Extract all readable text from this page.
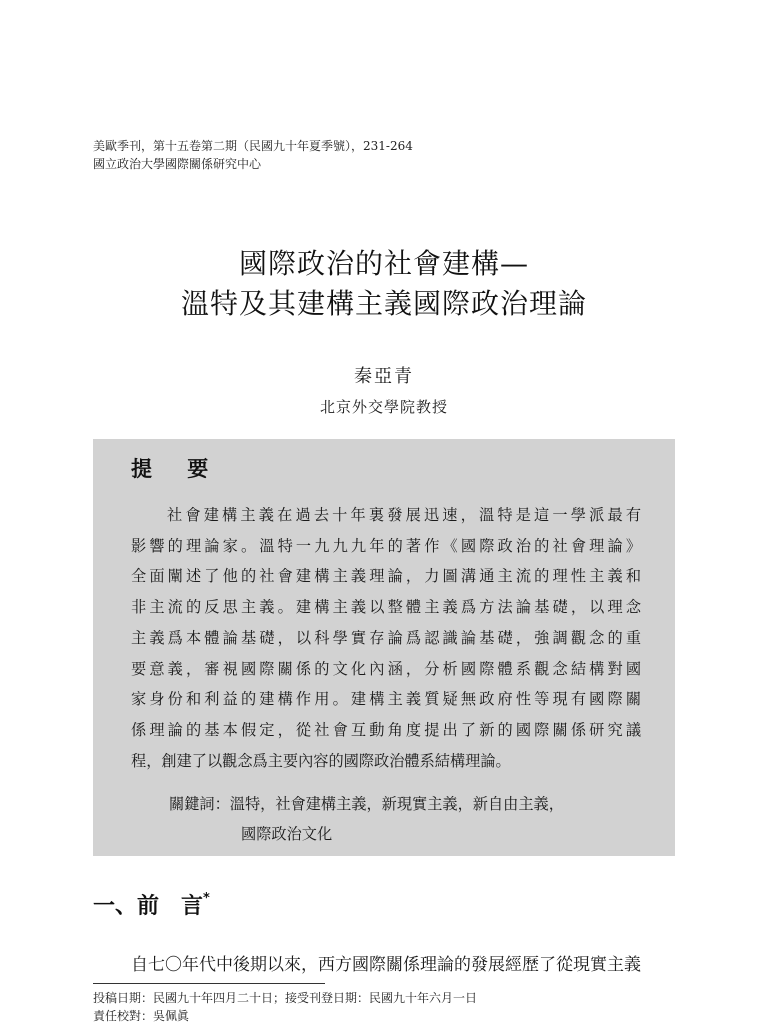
美歐季刊，第十五卷第二期（民國九十年夏季號），231-264
國立政治大學國際關係研究中心
國際政治的社會建構—
溫特及其建構主義國際政治理論
秦亞青
北京外交學院教授
提 要
社會建構主義在過去十年裏發展迅速，溫特是這一學派最有
影響的理論家。溫特一九九九年的著作《國際政治的社會理論》
全面闡述了他的社會建構主義理論，力圖溝通主流的理性主義和
非主流的反思主義。建構主義以整體主義爲方法論基礎，以理念
主義爲本體論基礎，以科學實存論爲認識論基礎，強調觀念的重
要意義，審視國際關係的文化內涵，分析國際體系觀念結構對國
家身份和利益的建構作用。建構主義質疑無政府性等現有國際關
係理論的基本假定，從社會互動角度提出了新的國際關係研究議
程，創建了以觀念爲主要內容的國際政治體系結構理論。
關鍵詞：溫特，社會建構主義，新現實主義，新自由主義，
國際政治文化
一、前　言*
自七〇年代中後期以來，西方國際關係理論的發展經歷了從現實主義
投稿日期：民國九十年四月二十日；接受刊登日期：民國九十年六月一日
責任校對：吳佩眞
